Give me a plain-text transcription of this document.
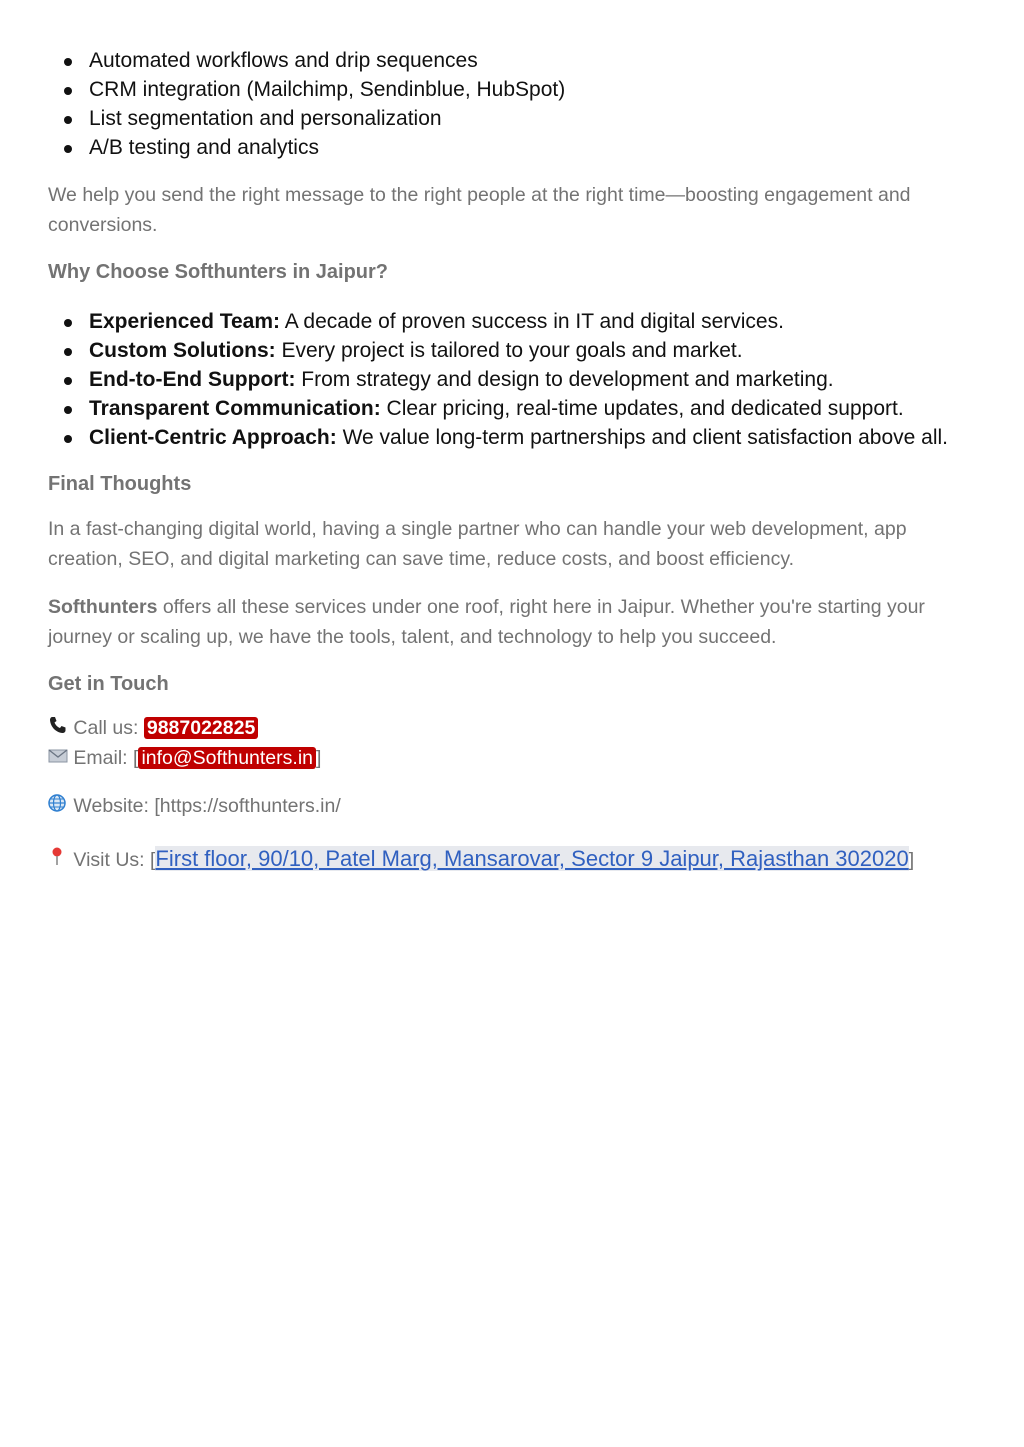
Automated workflows and drip sequences
CRM integration (Mailchimp, Sendinblue, HubSpot)
List segmentation and personalization
A/B testing and analytics

We help you send the right message to the right people at the right time—boosting engagement and conversions.

Why Choose Softhunters in Jaipur?

Experienced Team: A decade of proven success in IT and digital services.
Custom Solutions: Every project is tailored to your goals and market.
End-to-End Support: From strategy and design to development and marketing.
Transparent Communication: Clear pricing, real-time updates, and dedicated support.
Client-Centric Approach: We value long-term partnerships and client satisfaction above all.

Final Thoughts

In a fast-changing digital world, having a single partner who can handle your web development, app creation, SEO, and digital marketing can save time, reduce costs, and boost efficiency.

Softhunters offers all these services under one roof, right here in Jaipur. Whether you're starting your journey or scaling up, we have the tools, talent, and technology to help you succeed.

Get in Touch

Call us: 9887022825
Email: [ info@Softhunters.in ]
Website: [https://softhunters.in/
Visit Us: [First floor, 90/10, Patel Marg, Mansarovar, Sector 9 Jaipur, Rajasthan 302020]
